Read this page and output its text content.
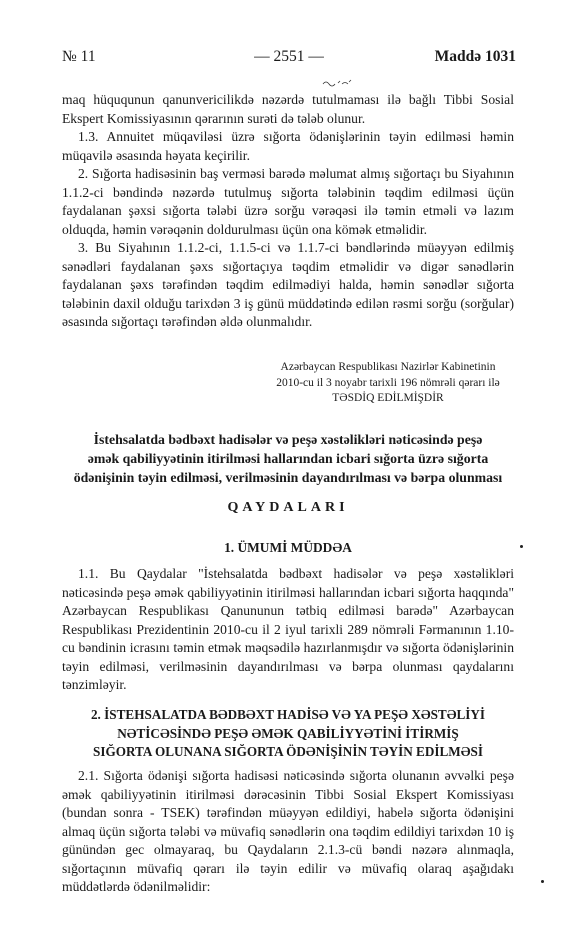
№ 11	— 2551 —	Maddə 1031

maq hüququnun qanunvericilikdə nəzərdə tutulmaması ilə bağlı Tibbi Sosial Ekspert Komissiyasının qərarının surəti də tələb olunur.

1.3. Annuitet müqaviləsi üzrə sığorta ödənişlərinin təyin edilməsi həmin müqavilə əsasında həyata keçirilir.

2. Sığorta hadisəsinin baş verməsi barədə məlumat almış sığortaçı bu Siyahının 1.1.2-ci bəndində nəzərdə tutulmuş sığorta tələbinin təqdim edilməsi üçün faydalanan şəxsi sığorta tələbi üzrə sorğu vərəqəsi ilə təmin etməli və lazım olduqda, həmin vərəqənin doldurulması üçün ona kömək etməlidir.

3. Bu Siyahının 1.1.2-ci, 1.1.5-ci və 1.1.7-ci bəndlərində müəyyən edilmiş sənədləri faydalanan şəxs sığortaçıya təqdim etməlidir və digər sənədlərin faydalanan şəxs tərəfindən təqdim edilmədiyi halda, həmin sənədlər sığorta tələbinin daxil olduğu tarixdən 3 iş günü müddətində edilən rəsmi sorğu (sorğular) əsasında sığortaçı tərəfindən əldə olunmalıdır.

Azərbaycan Respublikası Nazirlər Kabinetinin
2010-cu il 3 noyabr tarixli 196 nömrəli qərarı ilə
TƏSDİQ EDİLMİŞDİR
İstehsalatda bədbəxt hadisələr və peşə xəstəlikləri nəticəsində peşə
əmək qabiliyyətinin itirilməsi hallarından icbari sığorta üzrə sığorta
ödənişinin təyin edilməsi, verilməsinin dayandırılması və bərpa olunması
QAYDALARI
1. ÜMUMİ MÜDDƏA

1.1. Bu Qaydalar "İstehsalatda bədbəxt hadisələr və peşə xəstəlikləri nəticəsində peşə əmək qabiliyyətinin itirilməsi hallarından icbari sığorta haqqında" Azərbaycan Respublikası Qanununun tətbiq edilməsi barədə" Azərbaycan Respublikası Prezidentinin 2010-cu il 2 iyul tarixli 289 nömrəli Fərmanının 1.10-cu bəndinin icrasını təmin etmək məqsədilə hazırlanmışdır və sığorta ödənişlərinin təyin edilməsi, verilməsinin dayandırılması və bərpa olunması qaydalarını tənzimləyir.

2. İSTEHSALATDA BƏDBƏXT HADİSƏ VƏ YA PEŞƏ XƏSTƏLİYİ
NƏTİCƏSİNDƏ PEŞƏ ƏMƏK QABİLİYYƏTİNİ İTİRMİŞ
SIĞORTA OLUNANA SIĞORTA ÖDƏNİŞİNİN TƏYİN EDİLMƏSİ

2.1. Sığorta ödənişi sığorta hadisəsi nəticəsində sığorta olunanın əvvəlki peşə əmək qabiliyyətinin itirilməsi dərəcəsinin Tibbi Sosial Ekspert Komissiyası (bundan sonra - TSEK) tərəfindən müəyyən edildiyi, habelə sığorta ödənişini almaq üçün sığorta tələbi və müvafiq sənədlərin ona təqdim edildiyi tarixdən 10 iş günündən gec olmayaraq, bu Qaydaların 2.1.3-cü bəndi nəzərə alınmaqla, sığortaçının müvafiq qərarı ilə təyin edilir və müvafiq olaraq aşağıdakı müddətlərdə ödənilməlidir:
